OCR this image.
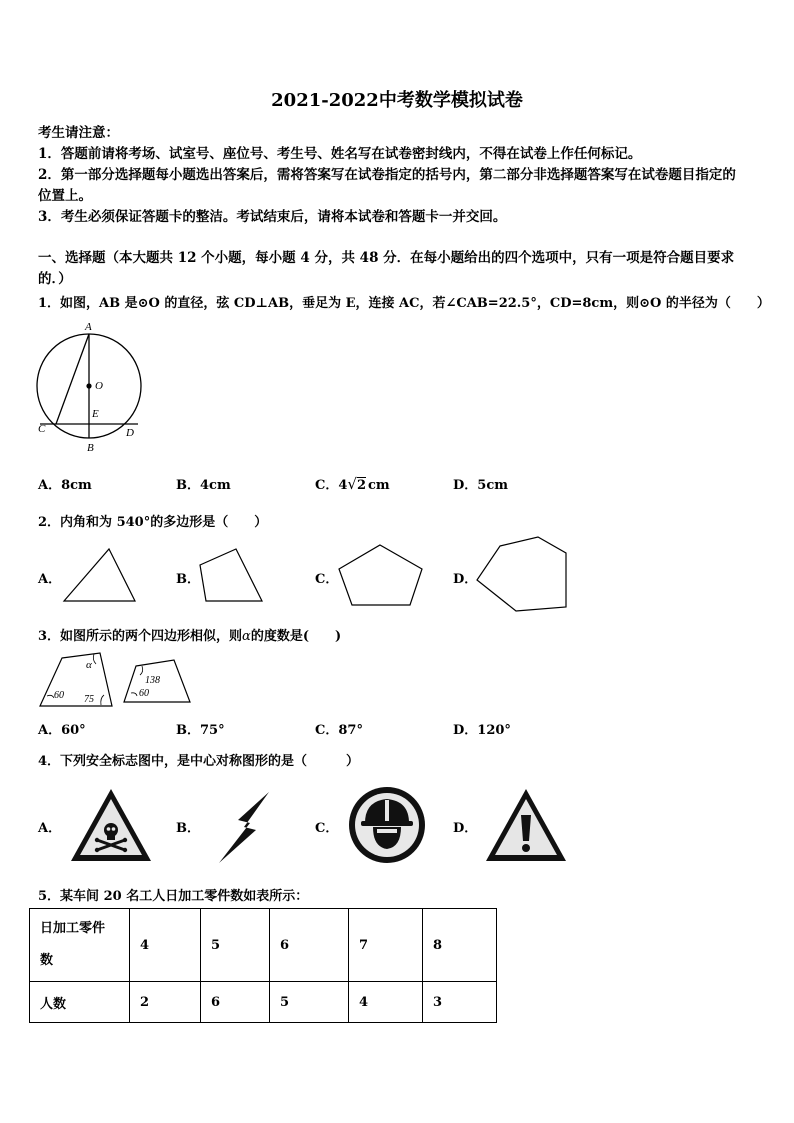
2021-2022中考数学模拟试卷
考生请注意：
1．答题前请将考场、试室号、座位号、考生号、姓名写在试卷密封线内，不得在试卷上作任何标记。
2．第一部分选择题每小题选出答案后，需将答案写在试卷指定的括号内，第二部分非选择题答案写在试卷题目指定的
位置上。
3．考生必须保证答题卡的整洁。考试结束后，请将本试卷和答题卡一并交回。
一、选择题（本大题共 12 个小题，每小题 4 分，共 48 分．在每小题给出的四个选项中，只有一项是符合题目要求
的．）
1．如图，AB 是⊙O 的直径，弦 CD⊥AB，垂足为 E，连接 AC，若∠CAB=22.5°，CD=8cm，则⊙O 的半径为（　　）
A
O
E
C	D
B
A．8cm	B．4cm	C．4√2 cm	D．5cm
2．内角和为 540°的多边形是（　　）
A．	B．	C．	D．
3．如图所示的两个四边形相似，则α的度数是(　　)
α
60 75
138
60
A．60°	B．75°	C．87°	D．120°
4．下列安全标志图中，是中心对称图形的是（　　　）
A．	B．	C．	D．
5．某车间 20 名工人日加工零件数如表所示：
日加工零件
数	4	5	6	7	8
人数	2	6	5	4	3
